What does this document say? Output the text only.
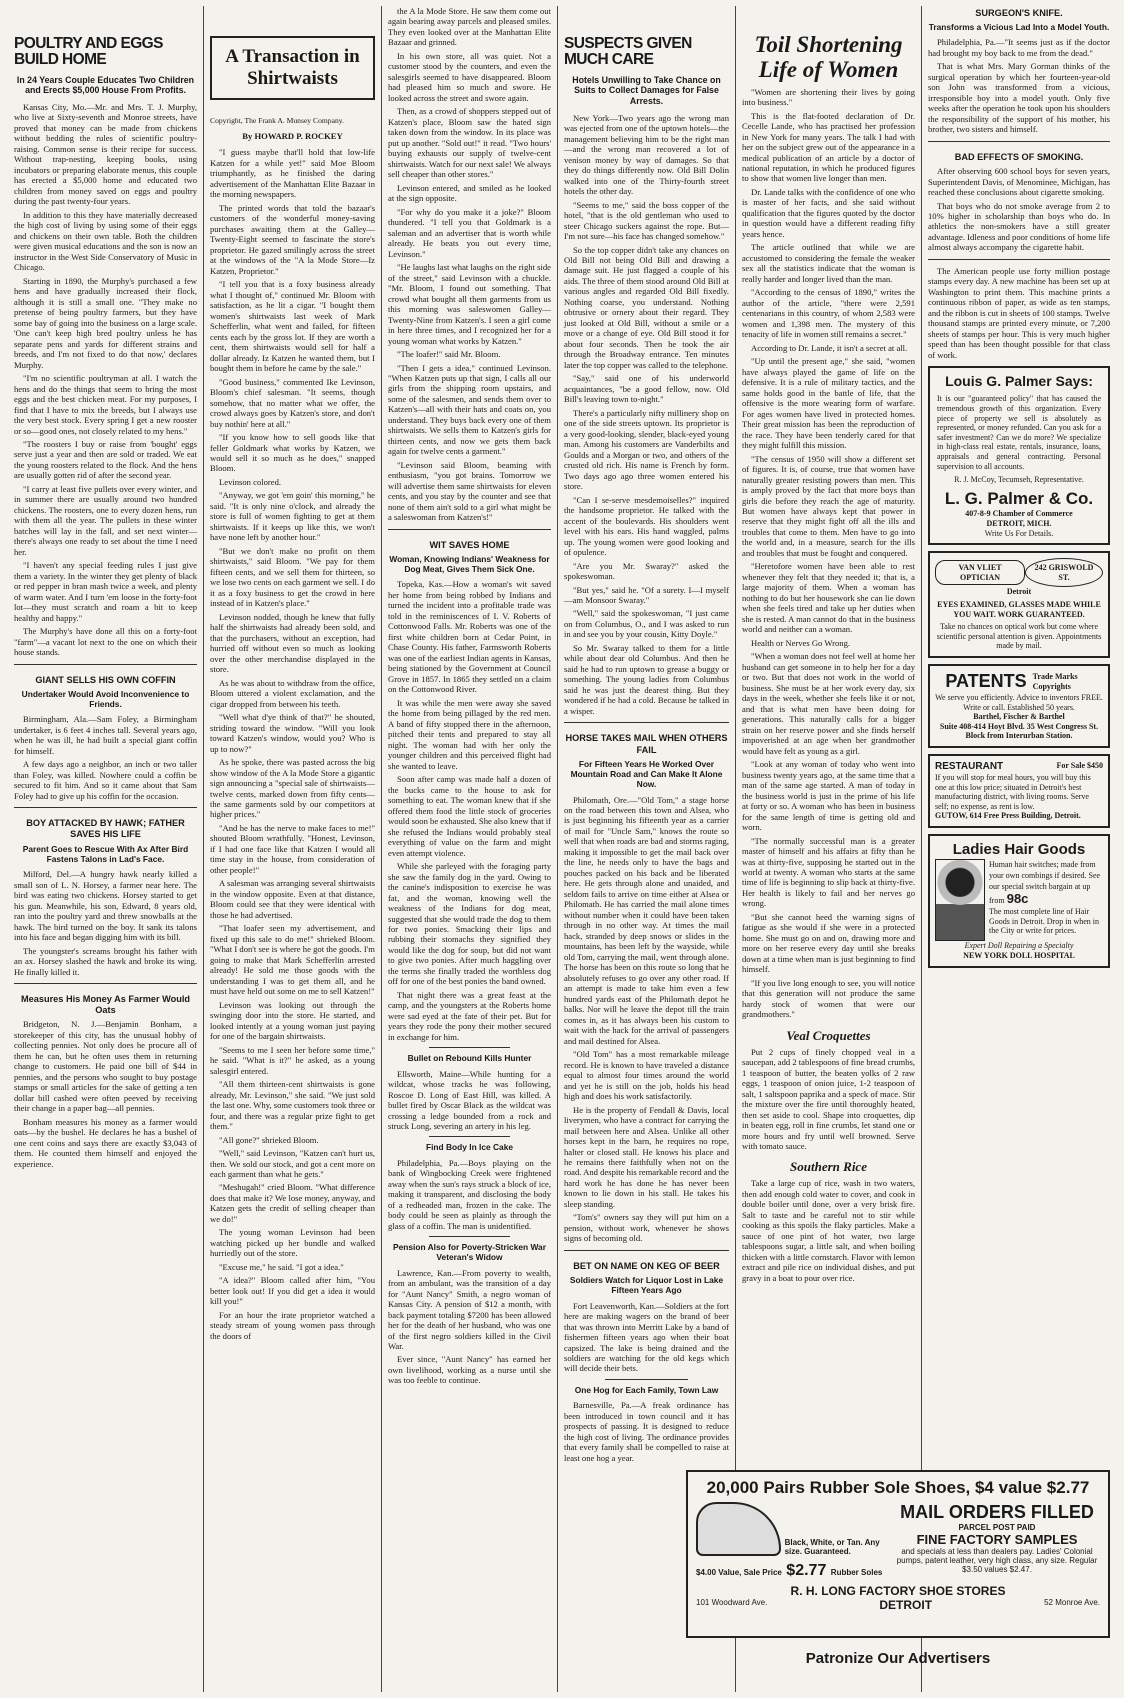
POULTRY AND EGGS BUILD HOME
In 24 Years Couple Educates Two Children and Erects $5,000 House From Profits.

Kansas City, Mo.—Mr. and Mrs. T. J. Murphy, who live at Sixty-seventh and Monroe streets, have proved that money can be made from chickens without bedding the rules of scientific poultry-raising. Common sense is their recipe for success. Without trap-nesting, keeping books, using incubators or preparing elaborate menus, this couple has erected a $5,000 home and educated two children from money saved on eggs and poultry during the past twenty-four years.

In addition to this they have materially decreased the high cost of living by using some of their eggs and chickens on their own table. Both the children were given musical educations and the son is now an instructor in the West Side Conservatory of Music in Chicago.

Starting in 1890, the Murphy's purchased a few hens and have gradually increased their flock, although it is still a small one. "They make no pretense of being poultry farmers, but they have some bay of going into the business on a large scale. 'One can't keep high bred poultry unless he has separate pens and yards for different strains and breeds, and I'm not fixed to do that now,' declares Murphy.

"I'm no scientific poultryman at all. I watch the hens and do the things that seem to bring the most eggs and the best chicken meat. For my purposes, I find that I have to mix the breeds, but I always use the very best stock. Every spring I get a new rooster or so—good ones, not closely related to my hens."

"The roosters I buy or raise from 'bought' eggs serve just a year and then are sold or traded. We eat the young roosters related to the flock. And the hens are usually gotten rid of after the second year.

"I carry at least five pullets over every winter, and in summer there are usually around two hundred chickens. The roosters, one to every dozen hens, run with them all the year. The pullets in these winter batches will lay in the fall, and set next winter—there's always one ready to set about the time I need her.

"I haven't any special feeding rules I just give them a variety. In the winter they get plenty of black or red pepper in bran mash twice a week, and plenty of warm water. And I turn 'em loose in the forty-foot lot—they must scratch and roam a bit to keep healthy and happy."

The Murphy's have done all this on a forty-foot "farm"—a vacant lot next to the one on which their house stands.

GIANT SELLS HIS OWN COFFIN
Undertaker Would Avoid Inconvenience to Friends.

Birmingham, Ala.—Sam Foley, a Birmingham undertaker, is 6 feet 4 inches tall. Several years ago, when he was ill, he had built a special giant coffin for himself.

A few days ago a neighbor, an inch or two taller than Foley, was killed. Nowhere could a coffin be secured to fit him. And so it came about that Sam Foley had to give up his coffin for the occasion.

BOY ATTACKED BY HAWK; FATHER SAVES HIS LIFE
Parent Goes to Rescue With Ax After Bird Fastens Talons in Lad's Face.

Milford, Del.—A hungry hawk nearly killed a small son of L. N. Horsey, a farmer near here. The bird was eating two chickens. Horsey started to get his gun. Meanwhile, his son, Edward, 8 years old, ran into the poultry yard and threw snowballs at the hawk. The bird turned on the boy. It sank its talons into his face and began digging him with its bill.

The youngster's screams brought his father with an ax. Horsey slashed the hawk and broke its wing. He finally killed it.

Measures His Money As Farmer Would Oats

Bridgeton, N. J.—Benjamin Bonham, a storekeeper of this city, has the unusual hobby of collecting pennies. Not only does he procure all of them he can, but he often uses them in returning change to customers. He paid one bill of $44 in pennies, and the persons who sought to buy postage stamps or small articles for the sake of getting a ten dollar bill cashed were often peeved by receiving their change in a paper bag—all pennies.

Bonham measures his money as a farmer would oats—by the bushel. He declares he has a bushel of one cent coins and says there are exactly $3,043 of them. He counted them himself and enjoyed the experience.

A Transaction in Shirtwaists
Copyright, The Frank A. Munsey Company.
By HOWARD P. ROCKEY

"I guess maybe that'll hold that low-life Katzen for a while yet!" said Moe Bloom triumphantly, as he finished the daring advertisement of the Manhattan Elite Bazaar in the morning newspapers.

The printed words that told the bazaar's customers of the wonderful money-saving purchases awaiting them at the Galley—Twenty-Eight seemed to fascinate the store's proprietor. He gazed smilingly across the street at the windows of the "A la Mode Store—Iz Katzen, Proprietor."

"I tell you that is a foxy business already what I thought of," continued Mr. Bloom with satisfaction, as he lit a cigar. "I bought them women's shirtwaists last week of Mark Schefferlin, what went and failed, for fifteen cents each by the gross lot. If they are worth a cent, them shirtwaists would sell for half a dollar already. Iz Katzen he wanted them, but I bought them in before he came by the sale."

"Good business," commented Ike Levinson, Bloom's chief salesman. "It seems, though somehow, that no matter what we offer, the crowd always goes by Katzen's store, and don't buy nothin' here at all."

"If you know how to sell goods like that feller Goldmark what works by Katzen, we would sell it so much as he does," snapped Bloom.

Levinson colored.

"Anyway, we got 'em goin' this morning," he said. "It is only nine o'clock, and already the store is full of women fighting to get at them shirtwaists. If it keeps up like this, we won't have none left by another hour."

"But we don't make no profit on them shirtwaists," said Bloom. "We pay for them fifteen cents, and we sell them for thirteen, so we lose two cents on each garment we sell. I do it as a foxy business to get the crowd in here instead of in Katzen's place."

Levinson nodded, though he knew that fully half the shirtwaists had already been sold, and that the purchasers, without an exception, had hurried off without even so much as looking over the other merchandise displayed in the store.

As he was about to withdraw from the office, Bloom uttered a violent exclamation, and the cigar dropped from between his teeth.

"Well what d'ye think of that?" he shouted, striding toward the window. "Will you look toward Katzen's window, would you? Who is up to now?"

As he spoke, there was pasted across the big show window of the A la Mode Store a gigantic sign announcing a "special sale of shirtwaists—twelve cents, marked down from fifty cents—the same garments sold by our competitors at higher prices."

"And he has the nerve to make faces to me!" shouted Bloom wrathfully. "Honest, Levinson, if I had one face like that Katzen I would all time stay in the house, from consideration of other people!"

A salesman was arranging several shirtwaists in the window opposite. Even at that distance, Bloom could see that they were identical with those he had advertised.

"That loafer seen my advertisement, and fixed up this sale to do me!" shrieked Bloom. "What I don't see is where he got the goods. I'm going to make that Mark Schefferlin arrested already! He sold me those goods with the understanding I was to get them all, and he must have held out some on me to sell Katzen!"

Levinson was looking out through the swinging door into the store. He started, and looked intently at a young woman just paying for one of the bargain shirtwaists.

"Seems to me I seen her before some time," he said. "What is it?" he asked, as a young salesgirl entered.

"All them thirteen-cent shirtwaists is gone already, Mr. Levinson," she said. "We just sold the last one. Why, some customers took three or four, and there was a regular prize fight to get them."

"All gone?" shrieked Bloom.

"Well," said Levinson, "Katzen can't hurt us, then. We sold our stock, and got a cent more on each garment than what he gets."

"Meshugah!" cried Bloom. "What difference does that make it? We lose money, anyway, and Katzen gets the credit of selling cheaper than we do!"

The young woman Levinson had been watching picked up her bundle and walked hurriedly out of the store.

"Excuse me," he said. "I got a idea."

"A idea?" Bloom called after him, "You better look out! If you did get a idea it would kill you!"

For an hour the irate proprietor watched a steady stream of young women pass through the doors of

the A la Mode Store. He saw them come out again bearing away parcels and pleased smiles. They even looked over at the Manhattan Elite Bazaar and grinned.

In his own store, all was quiet. Not a customer stood by the counters, and even the salesgirls seemed to have disappeared. Bloom had pleased him so much and swore. He looked across the street and swore again.

Then, as a crowd of shoppers stepped out of Katzen's place, Bloom saw the hated sign taken down from the window. In its place was put up another. "Sold out!" it read. "Two hours' buying exhausts our supply of twelve-cent shirtwaists. Watch for our next sale! We always sell cheaper than other stores."

Levinson entered, and smiled as he looked at the sign opposite.

"For why do you make it a joke?" Bloom thundered. "I tell you that Goldmark is a saleman and an advertiser that is worth while already. He beats you out every time, Levinson."

"He laughs last what laughs on the right side of the street," said Levinson with a chuckle. "Mr. Bloom, I found out something. That crowd what bought all them garments from us this morning was saleswomen Galley—Twenty-Nine from Katzen's. I seen a girl come in here three times, and I recognized her for a young woman what works by Katzen."

"The loafer!" said Mr. Bloom.

"Then I gets a idea," continued Levinson. "When Katzen puts up that sign, I calls all our girls from the shipping room upstairs, and some of the salesmen, and sends them over to Katzen's—all with their hats and coats on, you understand. They buys back every one of them shirtwaists. We sells them to Katzen's girls for thirteen cents, and now we gets them back again for twelve cents a garment."

"Levinson said Bloom, beaming with enthusiasm, "you got brains. Tomorrow we will advertise them same shirtwaists for eleven cents, and you stay by the counter and see that none of them ain't sold to a girl what might be a saleswoman from Katzen's!"

WIT SAVES HOME
Woman, Knowing Indians' Weakness for Dog Meat, Gives Them Sick One.

Topeka, Kas.—How a woman's wit saved her home from being robbed by Indians and turned the incident into a profitable trade was told in the reminiscences of I. V. Roberts of Cottonwood Falls. Mr. Roberts was one of the first white children born at Cedar Point, in Chase County. His father, Farmsworth Roberts was one of the earliest Indian agents in Kansas, being stationed by the Government at Council Grove in 1857. In 1865 they settled on a claim on the Cottonwood River.

It was while the men were away she saved the home from being pillaged by the red men. A band of fifty stopped there in the afternoon, pitched their tents and prepared to stay all night. The woman had with her only the younger children and this perceived flight had she wanted to leave.

Soon after camp was made half a dozen of the bucks came to the house to ask for something to eat. The woman knew that if she offered them food the little stock of groceries would soon be exhausted. She also knew that if she refused the Indians would probably steal everything of value on the farm and might even attempt violence.

While she parleyed with the foraging party she saw the family dog in the yard. Owing to the canine's indisposition to exercise he was fat, and the woman, knowing well the weakness of the Indians for dog meat, suggested that she would trade the dog to them for two ponies. Smacking their lips and rubbing their stomachs they signified they would like the dog for soup, but did not want to give two ponies. After much haggling over the terms she finally traded the worthless dog off for one of the best ponies the band owned.

That night there was a great feast at the camp, and the youngsters at the Roberts home were sad eyed at the fate of their pet. But for years they rode the pony their mother secured in exchange for him.

Bullet on Rebound Kills Hunter

Ellsworth, Maine—While hunting for a wildcat, whose tracks he was following, Roscoe D. Long of East Hill, was killed. A bullet fired by Oscar Black as the wildcat was crossing a ledge bounded from a rock and struck Long, severing an artery in his leg.

Find Body In Ice Cake

Philadelphia, Pa.—Boys playing on the bank of Wingbocking Creek were frightened away when the sun's rays struck a block of ice, making it transparent, and disclosing the body of a redheaded man, frozen in the cake. The body could be seen as plainly as through the glass of a coffin. The man is unidentified.

Pension Also for Poverty-Stricken War Veteran's Widow

Lawrence, Kan.—From poverty to wealth, from an ambulant, was the transition of a day for "Aunt Nancy" Smith, a negro woman of Kansas City. A pension of $12 a month, with back payment totaling $7200 has been allowed her for the death of her husband, who was one of the first negro soldiers killed in the Civil War.

Ever since, "Aunt Nancy" has earned her own livelihood, working as a nurse until she was too feeble to continue.

SUSPECTS GIVEN MUCH CARE
Hotels Unwilling to Take Chance on Suits to Collect Damages for False Arrests.

New York—Two years ago the wrong man was ejected from one of the uptown hotels—the management believing him to be the right man—and the wrong man recovered a lot of venison money by way of damages. So that they do things differently now. Old Bill Dolin walked into one of the Thirty-fourth street hotels the other day.

"Seems to me," said the boss copper of the hotel, "that is the old gentleman who used to steer Chicago suckers against the rope. But—I'm not sure—his face has changed somehow."

So the top copper didn't take any chances on Old Bill not being Old Bill and drawing a damage suit. He just flagged a couple of his aids. The three of them stood around Old Bill at various angles and regarded Old Bill fixedly. Nothing coarse, you understand. Nothing obtrusive or ornery about their regard. They just looked at Old Bill, without a smile or a move or a change of eye. Old Bill stood it for about four seconds. Then he took the air through the Broadway entrance. Ten minutes later the top copper was called to the telephone.

"Say," said one of his underworld acquaintances, "be a good fellow, now. Old Bill's leaving town to-night."

There's a particularly nifty millinery shop on one of the side streets uptown. Its proprietor is a very good-looking, slender, black-eyed young man. Among his customers are Vanderbilts and Goulds and a Morgan or two, and others of the crusted old rich. His name is French by form. Two days ago ago three women entered his store.

"Can I se-serve mesdemoiselles?" inquired the handsome proprietor. He talked with the accent of the boulevards. His shoulders went level with his ears. His hand waggled, palms up. The young women were good looking and of opulence.

"Are you Mr. Swaray?" asked the spokeswoman.

"But yes," said he. "Of a surety. I—I myself—am Monsoor Swaray."

"Well," said the spokeswoman, "I just came on from Columbus, O., and I was asked to run in and see you by your cousin, Kitty Doyle."

So Mr. Swaray talked to them for a little while about dear old Columbus. And then he said he had to run uptown to grease a buggy or something. The young ladies from Columbus said he was just the dearest thing. But they wondered if he had a cold. Because he talked in a wisper.

HORSE TAKES MAIL WHEN OTHERS FAIL
For Fifteen Years He Worked Over Mountain Road and Can Make It Alone Now.

Philomath, Ore.—"Old Tom," a stage horse on the road between this town and Alsea, who is just beginning his fifteenth year as a carrier of mail for "Uncle Sam," knows the route so well that when roads are bad and storms raging, making it impossible to get the mail back over the line, he needs only to have the bags and pouches packed on his back and be liberated here. He gets through alone and unaided, and seldom fails to arrive on time either at Alsea or Philomath. He has carried the mail alone times without number when it could have been taken through in no other way. At times the mail hack, stranded by deep snows or slides in the mountains, has been left by the wayside, while old Tom, carrying the mail, went through alone. The horse has been on this route so long that he absolutely refuses to go over any other road. If an attempt is made to take him even a few hundred yards east of the Philomath depot he balks. Nor will he leave the depot till the train comes in, as it has always been his custom to wait with the hack for the arrival of passengers and mail destined for Alsea.

"Old Tom" has a most remarkable mileage record. He is known to have traveled a distance equal to almost four times around the world and yet he is still on the job, holds his head high and does his work satisfactorily.

He is the property of Fendall & Davis, local liverymen, who have a contract for carrying the mail between here and Alsea. Unlike all other horses kept in the barn, he requires no rope, halter or closed stall. He knows his place and he remains there faithfully when not on the road. And despite his remarkable record and the hard work he has done he has never been known to lie down in his stall. He takes his sleep standing.

"Tom's" owners say they will put him on a pension, without work, whenever he shows signs of becoming old.

BET ON NAME ON KEG OF BEER
Soldiers Watch for Liquor Lost in Lake Fifteen Years Ago

Fort Leavenworth, Kan.—Soldiers at the fort here are making wagers on the brand of beer that was thrown into Merritt Lake by a band of fishermen fifteen years ago when their boat capsized. The lake is being drained and the soldiers are watching for the old kegs which will decide their bets.

One Hog for Each Family, Town Law

Barnesville, Pa.—A freak ordinance has been introduced in town council and it has prospects of passing. It is designed to reduce the high cost of living. The ordinance provides that every family shall be compelled to raise at least one hog a year.

Toil Shortening Life of Women

"Women are shortening their lives by going into business."

This is the flat-footed declaration of Dr. Cecelle Lande, who has practised her profession in New York for many years. The talk I had with her on the subject grew out of the appearance in a medical publication of an article by a doctor of national reputation, in which he produced figures to show that women live longer than men.

Dr. Lande talks with the confidence of one who is master of her facts, and she said without qualification that the figures quoted by the doctor in question would have a different reading fifty years hence.

The article outlined that while we are accustomed to considering the female the weaker sex all the statistics indicate that the woman is really harder and longer lived than the man.

"According to the census of 1890," writes the author of the article, "there were 2,591 centenarians in this country, of whom 2,583 were women and 1,398 men. The mystery of this tenacity of life in women still remains a secret."

According to Dr. Lande, it isn't a secret at all.

"Up until the present age," she said, "women have always played the game of life on the defensive. It is a rule of military tactics, and the same holds good in the battle of life, that the offensive is the more wearing form of warfare. For ages women have lived in protected homes. Their great mission has been the reproduction of the race. They have been tenderly cared for that they might fulfill this mission.

"The census of 1950 will show a different set of figures. It is, of course, true that women have naturally greater resisting powers than men. This is amply proved by the fact that more boys than girls die before they reach the age of maturity. But women have always kept that power in reserve that they might fight off all the ills and troubles that come to them. Men have to go into the world and, in a measure, search for the ills and troubles that must be fought and conquered.

"Heretofore women have been able to rest whenever they felt that they needed it; that is, a large majority of them. When a woman has nothing to do but her housework she can lie down when she feels tired and take up her duties when she is rested. A man cannot do that in the business world and neither can a woman.

Health or Nerves Go Wrong.

"When a woman does not feel well at home her husband can get someone in to help her for a day or two. But that does not work in the world of business. She must be at her work every day, six days in the week, whether she feels like it or not, and that is what men have been doing for generations. This naturally calls for a bigger strain on her reserve power and she finds herself impoverished at an age when her grandmother would have felt as young as a girl.

"Look at any woman of today who went into business twenty years ago, at the same time that a man of the same age started. A man of today in the business world is just in the prime of his life at forty or so. A woman who has been in business for the same length of time is getting old and worn.

"The normally successful man is a greater master of himself and his affairs at fifty than he was at thirty-five, supposing he started out in the world at twenty. A woman who starts at the same time of life is beginning to slip back at thirty-five. Her health is likely to fail and her nerves go wrong.

"But she cannot heed the warning signs of fatigue as she would if she were in a protected home. She must go on and on, drawing more and more on her reserve every day until she breaks down at a time when man is just beginning to find himself.

"If you live long enough to see, you will notice that this generation will not produce the same hardy stock of women that were our grandmothers."

Veal Croquettes

Put 2 cups of finely chopped veal in a saucepan, add 2 tablespoons of fine bread crumbs, 1 teaspoon of butter, the beaten yolks of 2 raw eggs, 1 teaspoon of onion juice, 1-2 teaspoon of salt, 1 saltspoon paprika and a speck of mace. Stir the mixture over the fire until thoroughly heated, then set aside to cool. Shape into croquettes, dip in beaten egg, roll in fine crumbs, let stand one or more hours and fry until well browned. Serve with tomato sauce.

Southern Rice

Take a large cup of rice, wash in two waters, then add enough cold water to cover, and cook in double boiler until done, over a very brisk fire. Salt to taste and be careful not to stir while cooking as this spoils the flaky particles. Make a sauce of one pint of hot water, two large tablespoons sugar, a little salt, and when boiling thicken with a little cornstarch. Flavor with lemon extract and pile rice on individual dishes, and put gravy in a boat to pour over rice.

SURGEON'S KNIFE.
Transforms a Vicious Lad Into a Model Youth.

Philadelphia, Pa.—"It seems just as if the doctor had brought my boy back to me from the dead."

That is what Mrs. Mary Gorman thinks of the surgical operation by which her fourteen-year-old son John was transformed from a vicious, irresponsible boy into a model youth. Only five weeks after the operation he took upon his shoulders the responsibility of the support of his mother, his brother, two sisters and himself.

BAD EFFECTS OF SMOKING.

After observing 600 school boys for seven years, Superintendent Davis, of Menominee, Michigan, has reached these conclusions about cigarette smoking.

That boys who do not smoke average from 2 to 10% higher in scholarship than boys who do. In athletics the non-smokers have a still greater advantage. Idleness and poor conditions of home life almost always accompany the cigarette habit.

The American people use forty million postage stamps every day. A new machine has been set up at Washington to print them. This machine prints a continuous ribbon of paper, as wide as ten stamps, and the ribbon is cut in sheets of 100 stamps. Twelve thousand stamps are printed every minute, or 7,200 sheets of stamps per hour. This is very much higher speed than has been thought possible for that class of work.

Louis G. Palmer Says:
It is our "guaranteed policy" that has caused the tremendous growth of this organization. Every piece of property we sell is absolutely as represented, or money refunded. Can you ask for a safer investment? Can we do more? We specialize in high-class real estate, rentals, insurance, loans, appraisals and general contracting. Personal supervision to all accounts.
R. J. McCoy, Tecumseh, Representative.
L. G. Palmer & Co.
407-8-9 Chamber of Commerce
DETROIT, MICH.
Write Us For Details.
VAN VLIET OPTICIAN
242 GRISWOLD ST.
Detroit
EYES EXAMINED, GLASSES MADE WHILE YOU WAIT. WORK GUARANTEED.
Take no chances on optical work but come where scientific personal attention is given. Appointments made by mail.
PATENTS Trade Marks Copyrights
We serve you efficiently. Advice to inventors FREE. Write or call. Established 50 years.
Barthel, Fischer & Barthel
Suite 408-414 Hoyt Blvd. 35 West Congress St.
Block from Interurban Station.
RESTAURANT	For Sale $450
If you will stop for meal hours, you will buy this one at this low price; situated in Detroit's best manufacturing district, with living rooms. Serve self; no expense, as rent is low.
GUTOW, 614 Free Press Building, Detroit.
Ladies Hair Goods
Human hair switches; made from your own combings if desired. See our special switch bargain at up from 98c
The most complete line of Hair Goods in Detroit. Drop in when in the City or write for prices.
Expert Doll Repairing a Specialty
NEW YORK DOLL HOSPITAL
20,000 Pairs Rubber Sole Shoes, $4 value $2.77
Black, White, or Tan. Any size. Guaranteed.
$4.00 Value, Sale Price $2.77 Rubber Soles
MAIL ORDERS FILLED
PARCEL POST PAID
FINE FACTORY SAMPLES
and specials at less than dealers pay. Ladies' Colonial pumps, patent leather, very high class, any size. Regular $3.50 values $2.47.
R. H. LONG FACTORY SHOE STORES
101 Woodward Ave.	DETROIT	52 Monroe Ave.
Patronize Our Advertisers
